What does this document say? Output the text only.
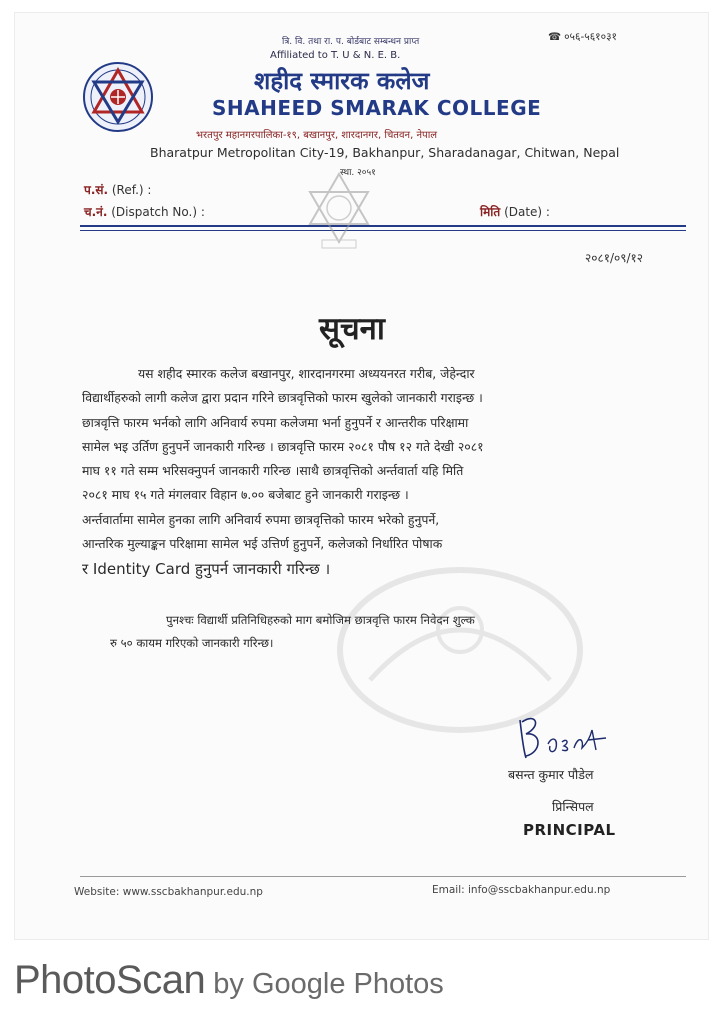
त्रि. वि. तथा रा. प. बोर्डबाट सम्बन्धन प्राप्त
Affiliated to T. U & N. E. B.
☎ ०५६-५६१०३१
शहीद स्मारक कलेज
SHAHEED SMARAK COLLEGE
भरतपुर महानगरपालिका-१९, बखानपुर, शारदानगर, चितवन, नेपाल
Bharatpur Metropolitan City-19, Bakhanpur, Sharadanagar, Chitwan, Nepal
स्था. २०५१
प.सं. (Ref.) :
च.नं. (Dispatch No.) :	मिति (Date) :
२०८१/०९/१२
सूचना
यस शहीद स्मारक कलेज बखानपुर, शारदानगरमा अध्ययनरत गरीब, जेहेन्दार
विद्यार्थीहरुको लागी कलेज द्वारा प्रदान गरिने छात्रवृत्तिको फारम खुलेको जानकारी गराइन्छ ।
छात्रवृत्ति फारम भर्नको लागि अनिवार्य रुपमा कलेजमा भर्ना हुनुपर्ने र आन्तरीक परिक्षामा
सामेल भइ उर्तिण हुनुपर्ने जानकारी गरिन्छ । छात्रवृत्ति फारम २०८१ पौष १२ गते देखी २०८१
माघ ११ गते सम्म भरिसक्नुपर्न जानकारी गरिन्छ ।साथै छात्रवृत्तिको अर्न्तवार्ता यहि मिति
२०८१ माघ १५ गते मंगलवार विहान ७.०० बजेबाट हुने जानकारी गराइन्छ ।
अर्न्तवार्तामा सामेल हुनका लागि अनिवार्य रुपमा छात्रवृत्तिको फारम भरेको हुनुपर्ने,
आन्तरिक मुल्याङ्कन परिक्षामा सामेल भई उत्तिर्ण हुनुपर्ने, कलेजको निर्धारित पोषाक
र Identity Card हुनुपर्न जानकारी गरिन्छ ।
पुनश्चः विद्यार्थी प्रतिनिधिहरुको माग बमोजिम छात्रवृत्ति फारम निवेदन शुल्क
रु ५० कायम गरिएको जानकारी गरिन्छ।
बसन्त कुमार पौडेल
प्रिन्सिपल
PRINCIPAL
Website: www.sscbakhanpur.edu.np	Email: info@sscbakhanpur.edu.np
PhotoScan by Google Photos
